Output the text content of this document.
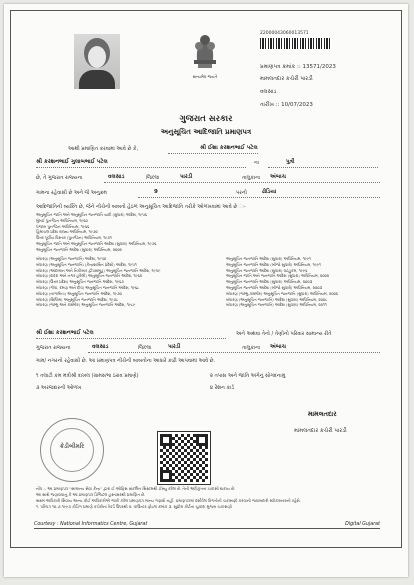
સત્યમેવ જયતે
22000043060013571
પ્રમાણપત્ર ક્રમાંક :: 13571/2023
મામલતદાર કચેરી પારડી
વલસાડ
તારીખ :: 10/07/2023
ગુજરાત સરકાર
અનુસૂચિત આદિજાતિ પ્રમાણપત્ર
આથી પ્રમાણિત કરવામાં આવે છે કે,	શ્રી ઈશા કરશનભાઈ પટેલ
શ્રી કરશનભાઈ ગુલાબભાઈ પટેલ	ના	પુત્રી
છે, તે ગુજરાત રાજ્યના	વલસાડ	જિલ્લા	પારડી	તાલુકાના અંબાચ
ગામના રહેવાસી છે અને જે અનુક્રમ	9	પરની	ઢોડિયા
આદિજાતિની વ્યક્તિ છે, જેને નીચેની બાબતો હેઠળ અનુસૂચિત આદિજાતિ તરીકે ઓળખવામાં આવે છે ઃ-
અનુસૂચિત જાતિ અને અનુસૂચિત જનજાતિ યાદી (સુધારા) આદેશ, ૧૯૫૬
મુંબઈ પુનર્ગઠન અધિનિયમ, ૧૯૬૦
પંજાબ પુનર્ગઠન અધિનિયમ, ૧૯૬૬
હિમાચલ પ્રદેશ રાજ્ય અધિનિયમ, ૧૯૭૦
ઉત્તર પૂર્વીય વિસ્તાર (પુનર્ગઠન) અધિનિયમ, ૧૯૭૧
અનુસૂચિત જાતિ અને અનુસૂચિત જનજાતિ આદેશ (સુધારા) અધિનિયમ, ૧૯૭૬
અનુસૂચિત જનજાતિ આદેશ (સુધારા) અધિનિયમ, ૨૦૦૨
બંધારણ (અનુસૂચિત જનજાતિ) આદેશ, ૧૯૫૦
બંધારણ (અનુસૂચિત જનજાતિ) (કેન્દ્રશાસિત પ્રદેશો) આદેશ, ૧૯૫૧
બંધારણ (આંદામાન અને નિકોબાર દ્વીપસમૂહ) અનુસૂચિત જનજાતિ આદેશ, ૧૯૫૯
બંધારણ (દાદરા અને નગર હવેલી) અનુસૂચિત જનજાતિ આદેશ, ૧૯૬૨
બંધારણ (ઉત્તર પ્રદેશ) અનુસૂચિત જનજાતિ આદેશ, ૧૯૬૭
બંધારણ (ગોવા, દમણ અને દીવ) અનુસૂચિત જનજાતિ આદેશ, ૧૯૬૮
બંધારણ (નાગાલેન્ડ) અનુસૂચિત જનજાતિ આદેશ, ૧૯૭૦
બંધારણ (સિક્કિમ) અનુસૂચિત જનજાતિ આદેશ, ૧૯૭૮
બંધારણ (જમ્મુ અને કાશ્મીર) અનુસૂચિત જનજાતિ આદેશ, ૧૯૮૯
અનુસૂચિત જનજાતિ આદેશ (સુધારા) અધિનિયમ, ૧૯૯૧
અનુસૂચિત જનજાતિ આદેશ (બીજો સુધારો) અધિનિયમ, ૧૯૯૧
અનુસૂચિત જનજાતિ આદેશ (સુધારા) વટહુકમ, ૧૯૯૬
અનુસૂચિત જાતિ અને જનજાતિ આદેશ (સુધારા) અધિનિયમ, ૨૦૦૨
અનુસૂચિત જનજાતિ આદેશ (સુધારા) અધિનિયમ, ૨૦૦૩
અનુસૂચિત જનજાતિ આદેશ (બીજો સુધારો) અધિનિયમ, ૨૦૦૩
બંધારણ (જમ્મુ-કાશ્મીર) અનુસૂચિત જનજાતિ (સુધારા) અધિનિયમ, ૨૦૦૬
બંધારણ (અનુસૂચિત જનજાતિ) આદેશ (સુધારા) અધિનિયમ, ૨૦૦૮
બંધારણ (અનુસૂચિત જનજાતિ) આદેશ (સુધારા) અધિનિયમ, ૨૦૧૧
શ્રી ઈશા કરશનભાઈ પટેલ	અને અથવા તેનો / તેણીનો પરિવાર સામાન્ય રીતે
ગુજરાત રાજ્યના	વલસાડ	જિલ્લા	પારડી	તાલુકાના અંબાચ
ગામ/ નગરનો રહેવાસી છે. આ પ્રમાણપત્ર નીચેની બાબતોના આધારે કાઢી આપવામાં આવે છે.
૧ તલાટી કમ મંત્રીશ્રી દાખલ (ગ્રામસભા ઠરાવ પ્રમાણે)	૨ તપાસ અને જાતિ અંગેનું સોગંદનામું
૩ અરજદારની ઓળખ	૪ રેશન કાર્ડ
ક્રેડીબીમરિ
મામલતદાર
મામલતદાર કચેરી પારડી
નોંધ :- આ પ્રમાણપત્ર "સામાન્ય સેવા કેન્દ્ર" દ્વારા ઈ-ઓફિસ સંકલિત સિસ્ટમથી ઈસ્યુ કરેલ છે. તેની અધિકૃતતા ચકાસી શકાય છે.
આ સાથે જણાવવાનું કે આ પ્રમાણપત્ર ડિજિટલ હસ્તાક્ષરથી પ્રમાણિત છે.
સક્ષમ અધિકારી સિવાય અન્ય કોઈ અધિકારીએ જારી કરેલ પ્રમાણપત્ર માન્ય ગણાશે નહીં. પ્રમાણપત્રમાં દર્શાવેલ વિગતોની ચકાસણી કરવાની જવાબદારી સ્વીકારનારની રહેશે.
૧. પરિપત્ર ૧૦-૭-૧૯૯૭ કોડિંગ પ્રમાણે કચેરીના રેકર્ડ ઉપરથી ૨. કાઉન્ટર ફોઇલ ક્રમાંક ૩. સુપ્રીમ કોર્ટના ચુકાદા મુજબ ચકાસણી
Courtesy : National Informatics Centre, Gujarat	Digital Gujarat
